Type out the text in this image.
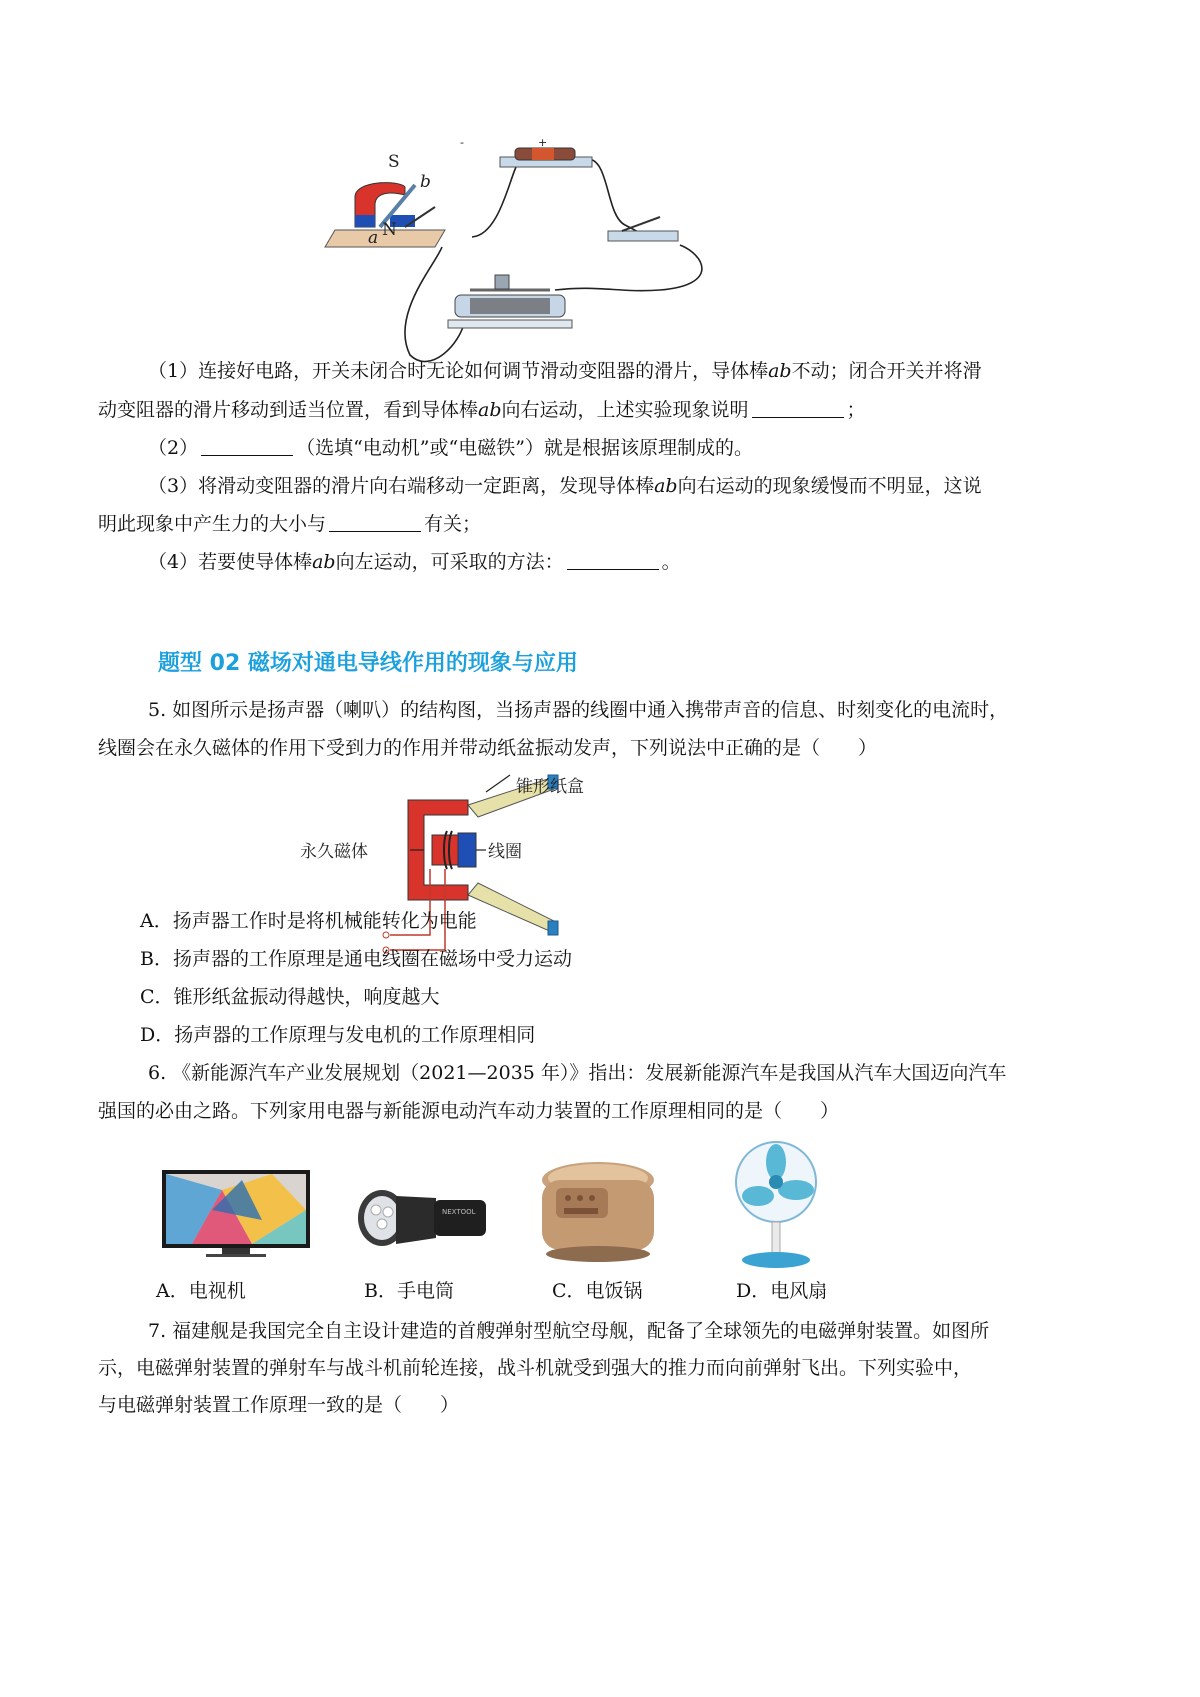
-	+
S
b
N
a
（1）连接好电路，开关未闭合时无论如何调节滑动变阻器的滑片，导体棒ab不动；闭合开关并将滑
动变阻器的滑片移动到适当位置，看到导体棒ab向右运动，上述实验现象说明	；
（2）	（选填“电动机”或“电磁铁”）就是根据该原理制成的。
（3）将滑动变阻器的滑片向右端移动一定距离，发现导体棒ab向右运动的现象缓慢而不明显，这说
明此现象中产生力的大小与	有关；
（4）若要使导体棒ab向左运动，可采取的方法：	。
题型 02 磁场对通电导线作用的现象与应用
5. 如图所示是扬声器（喇叭）的结构图，当扬声器的线圈中通入携带声音的信息、时刻变化的电流时，
线圈会在永久磁体的作用下受到力的作用并带动纸盆振动发声，下列说法中正确的是（　　）
锥形纸盒
永久磁体	线圈
A．扬声器工作时是将机械能转化为电能
B．扬声器的工作原理是通电线圈在磁场中受力运动
C．锥形纸盆振动得越快，响度越大
D．扬声器的工作原理与发电机的工作原理相同
6. 《新能源汽车产业发展规划（2021—2035 年）》指出：发展新能源汽车是我国从汽车大国迈向汽车
强国的必由之路。下列家用电器与新能源电动汽车动力装置的工作原理相同的是（　　）
NEXTOOL
A．电视机	B．手电筒	C．电饭锅	D．电风扇
7. 福建舰是我国完全自主设计建造的首艘弹射型航空母舰，配备了全球领先的电磁弹射装置。如图所
示，电磁弹射装置的弹射车与战斗机前轮连接，战斗机就受到强大的推力而向前弹射飞出。下列实验中，
与电磁弹射装置工作原理一致的是（　　）
